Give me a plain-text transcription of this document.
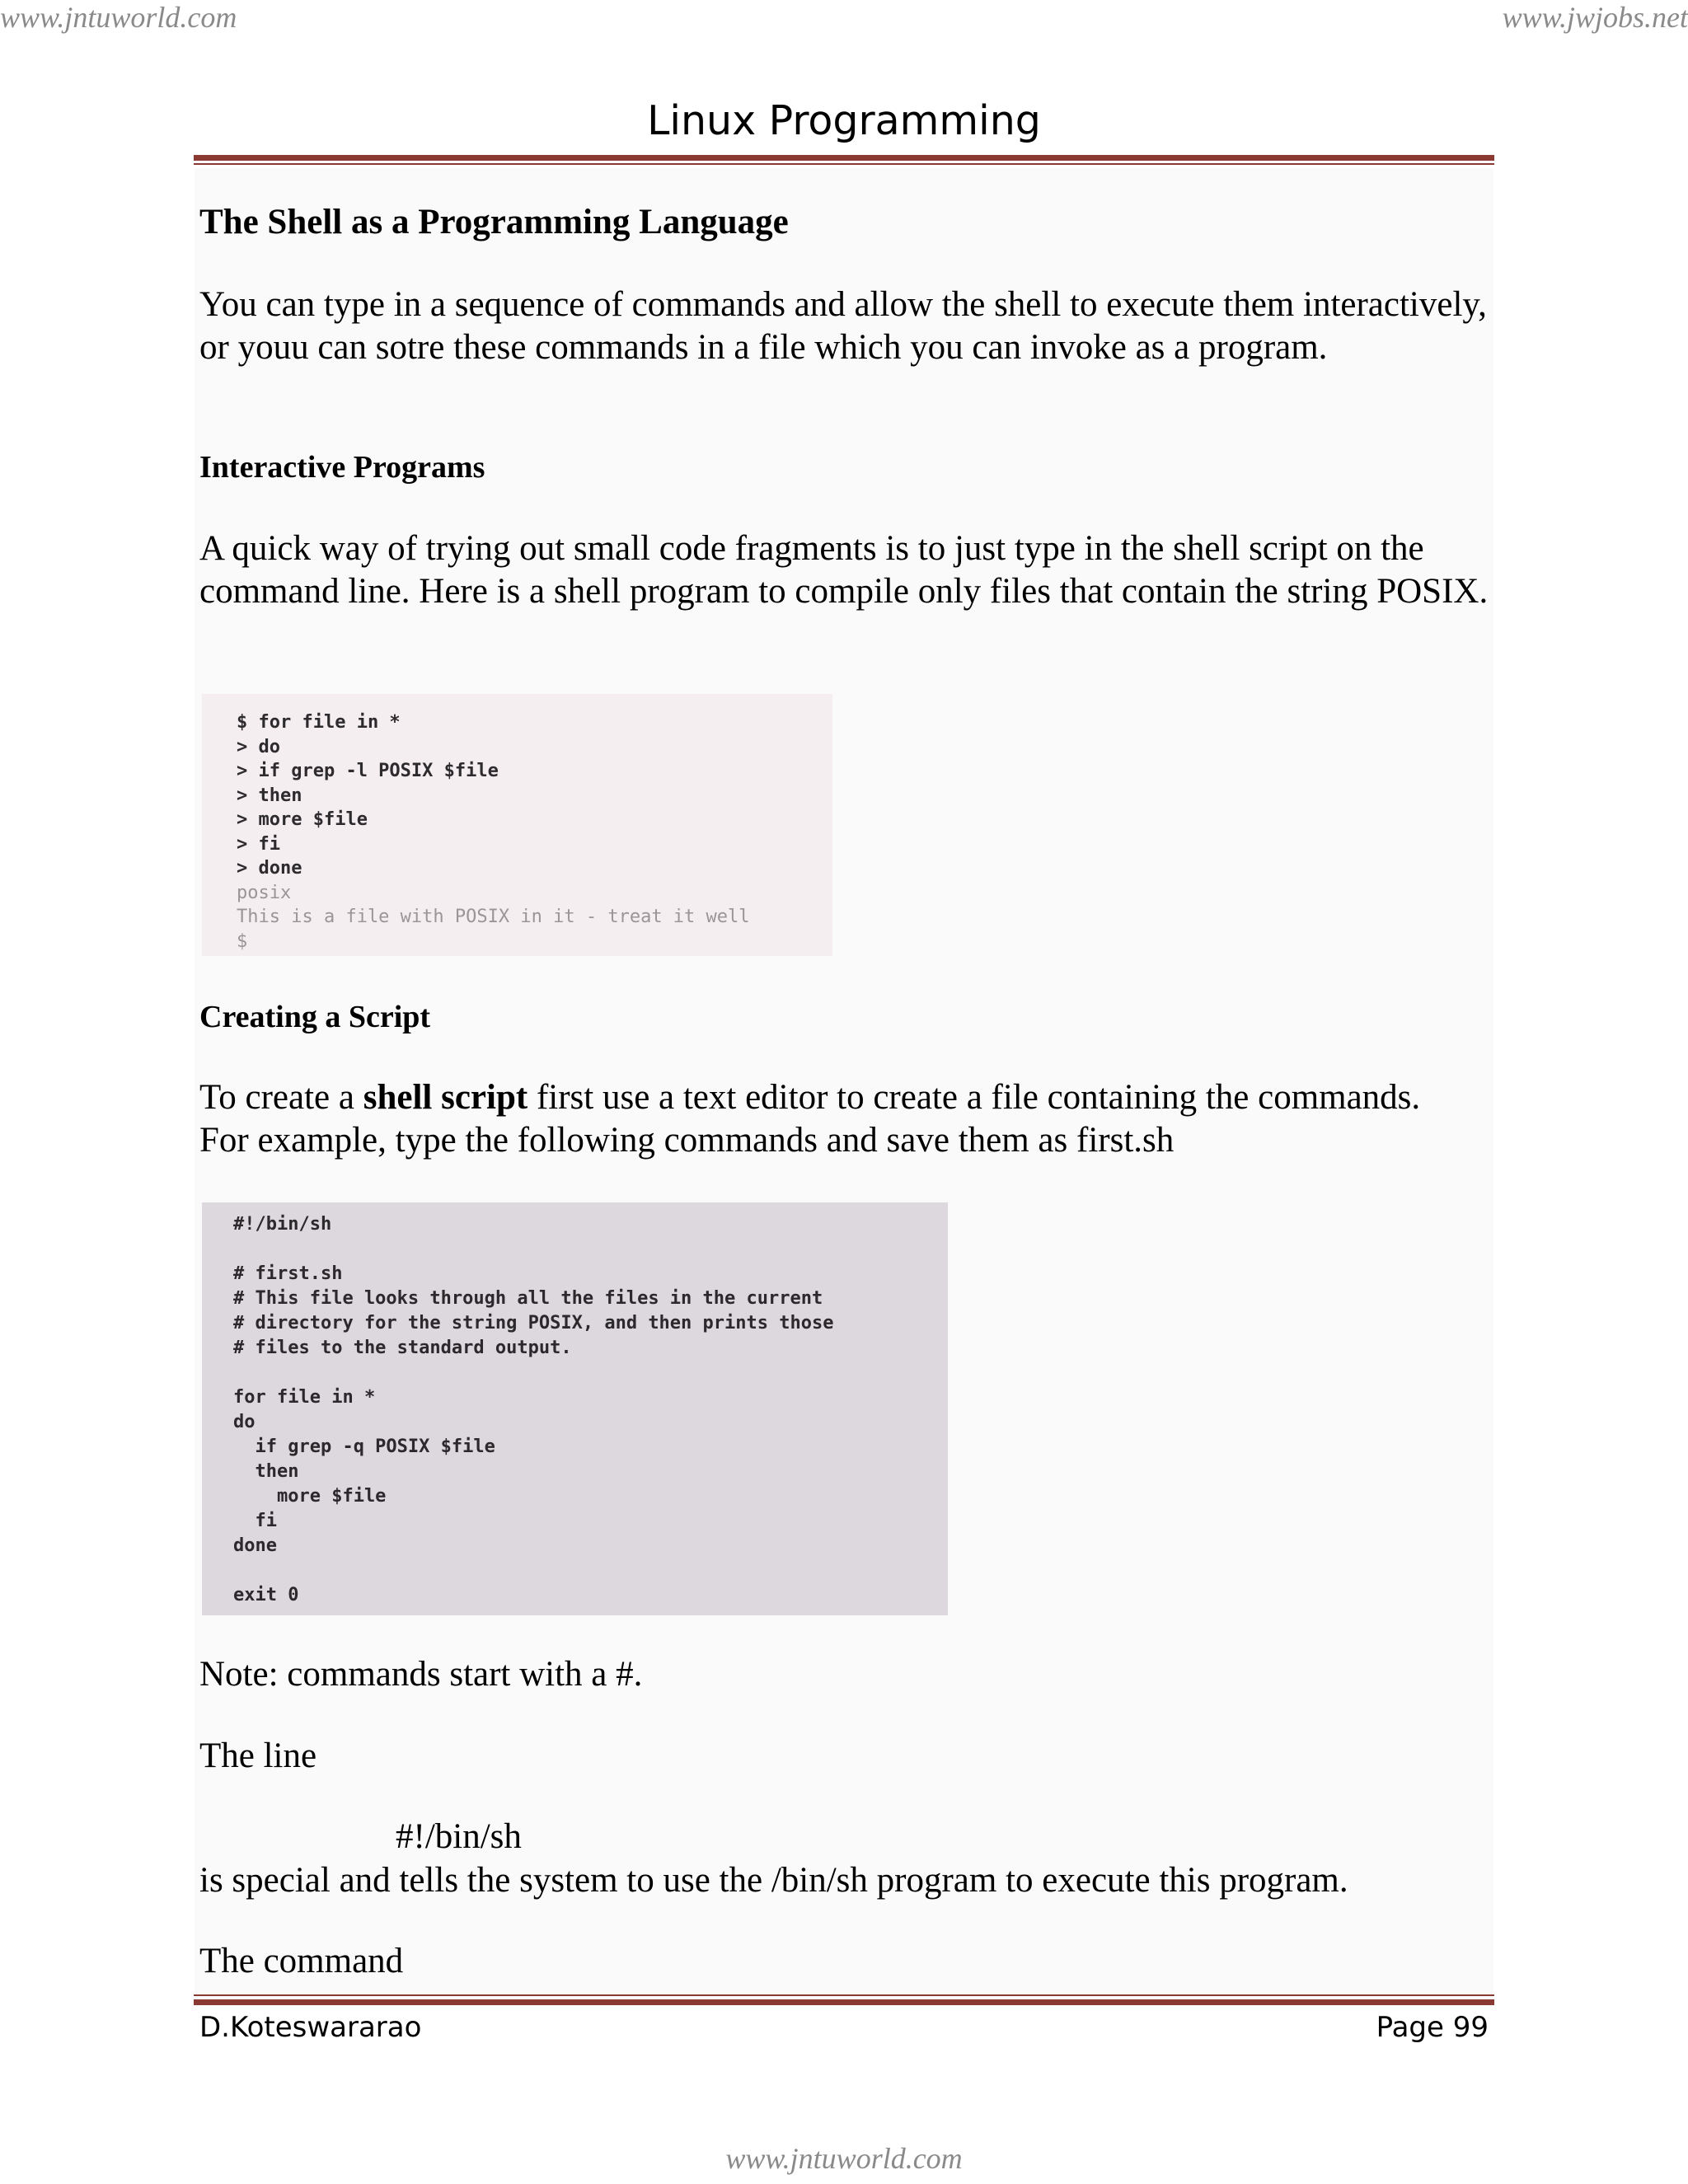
www.jntuworld.com	www.jwjobs.net
Linux Programming
The Shell as a Programming Language

You can type in a sequence of commands and allow the shell to execute them interactively, or youu can sotre these commands in a file which you can invoke as a program.

Interactive Programs

A quick way of trying out small code fragments is to just type in the shell script on the command line. Here is a shell program to compile only files that contain the string POSIX.

$ for file in *
> do
> if grep -l POSIX $file
> then
> more $file
> fi
> done
posix
This is a file with POSIX in it - treat it well
$
Creating a Script

To create a shell script first use a text editor to create a file containing the commands.
For example, type the following commands and save them as first.sh

#!/bin/sh

# first.sh
# This file looks through all the files in the current
# directory for the string POSIX, and then prints those
# files to the standard output.

for file in *
do
if grep -q POSIX $file
then
more $file
fi
done

exit 0

Note: commands start with a #.

The line

#!/bin/sh

is special and tells the system to use the /bin/sh program to execute this program.

The command

D.Koteswararao	Page 99
www.jntuworld.com
